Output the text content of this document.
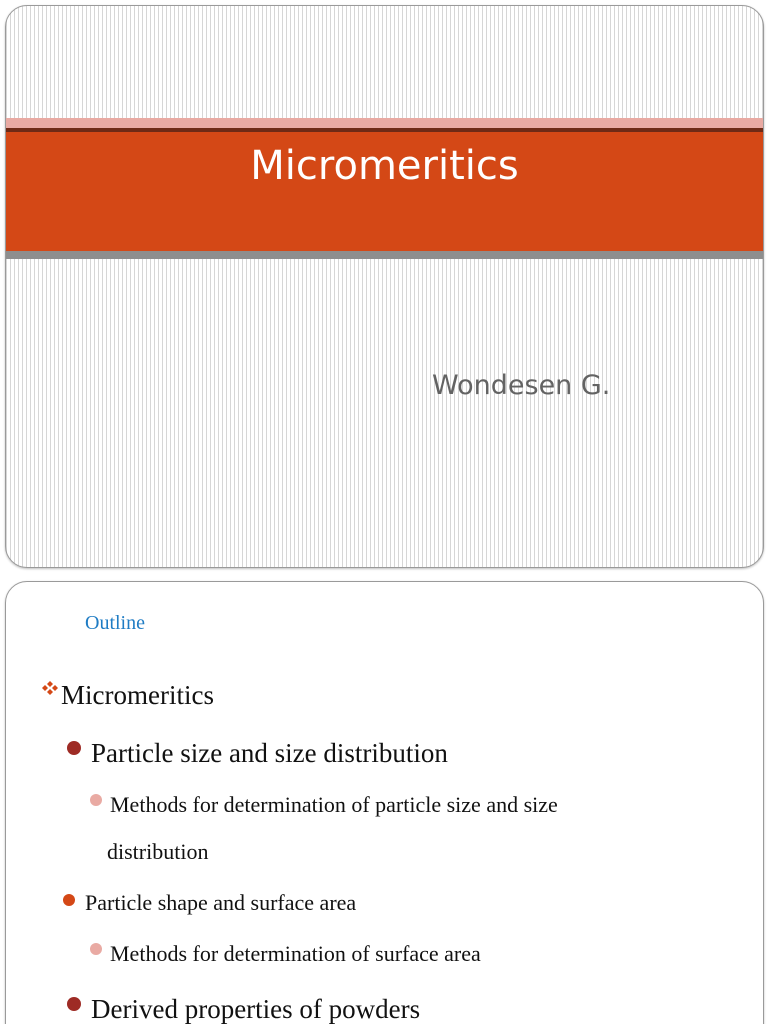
Micromeritics
Wondesen G.
Outline
Micromeritics
Particle size and size distribution
Methods for determination of particle size and size
distribution
Particle shape and surface area
Methods for determination of surface area
Derived properties of powders
